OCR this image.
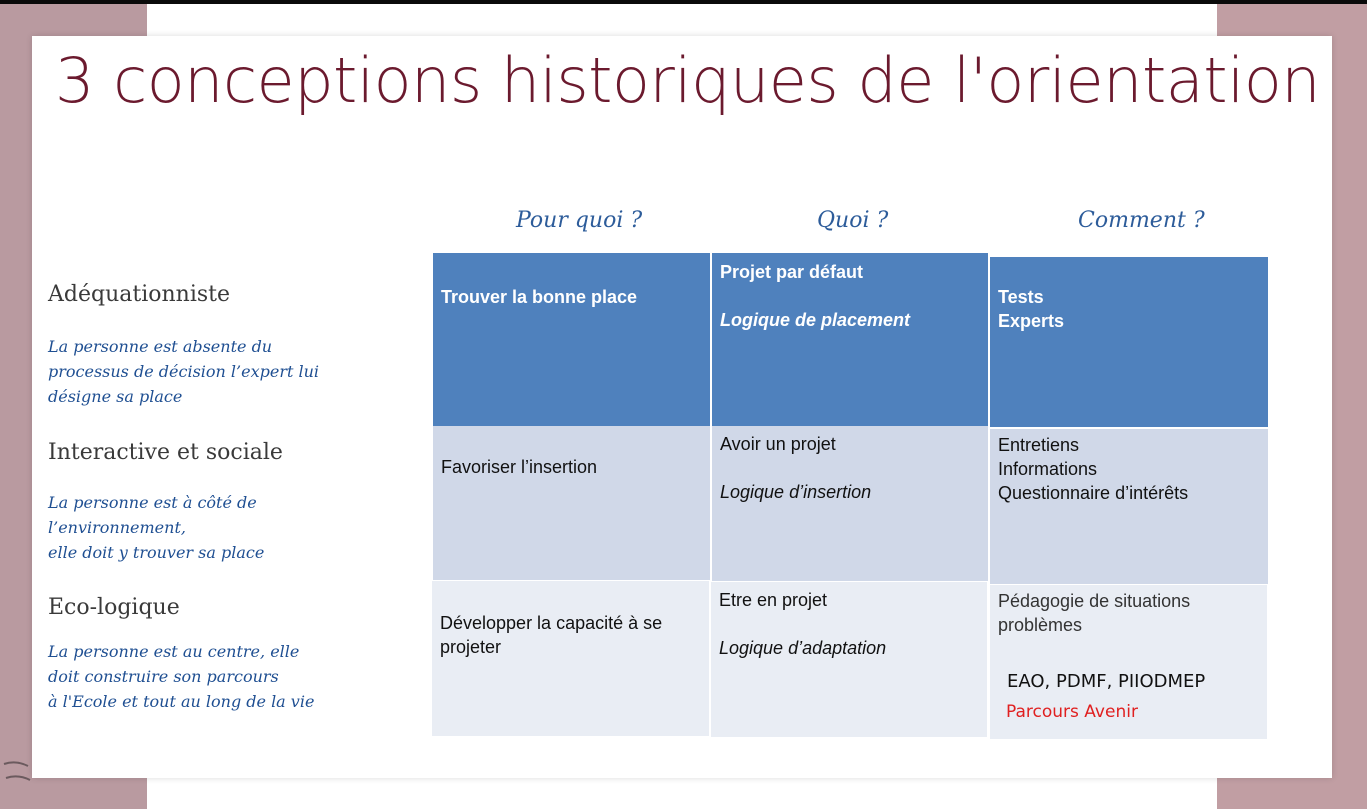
3 conceptions historiques de l'orientation
Pour quoi ?	Quoi ?	Comment ?
Adéquationniste
La personne est absente du
processus de décision l’expert lui
désigne sa place
Interactive et sociale
La personne est à côté de
l’environnement,
elle doit y trouver sa place
Eco-logique
La personne est au centre, elle
doit construire son parcours
à l'Ecole et tout au long de la vie
Trouver la bonne place
Projet par défaut
Logique de placement
Tests
Experts
Favoriser l’insertion
Avoir un projet
Logique d’insertion
Entretiens
Informations
Questionnaire d’intérêts
Développer la capacité à se
projeter
Etre en projet
Logique d’adaptation
Pédagogie de situations
problèmes
EAO, PDMF, PIIODMEP
Parcours Avenir
